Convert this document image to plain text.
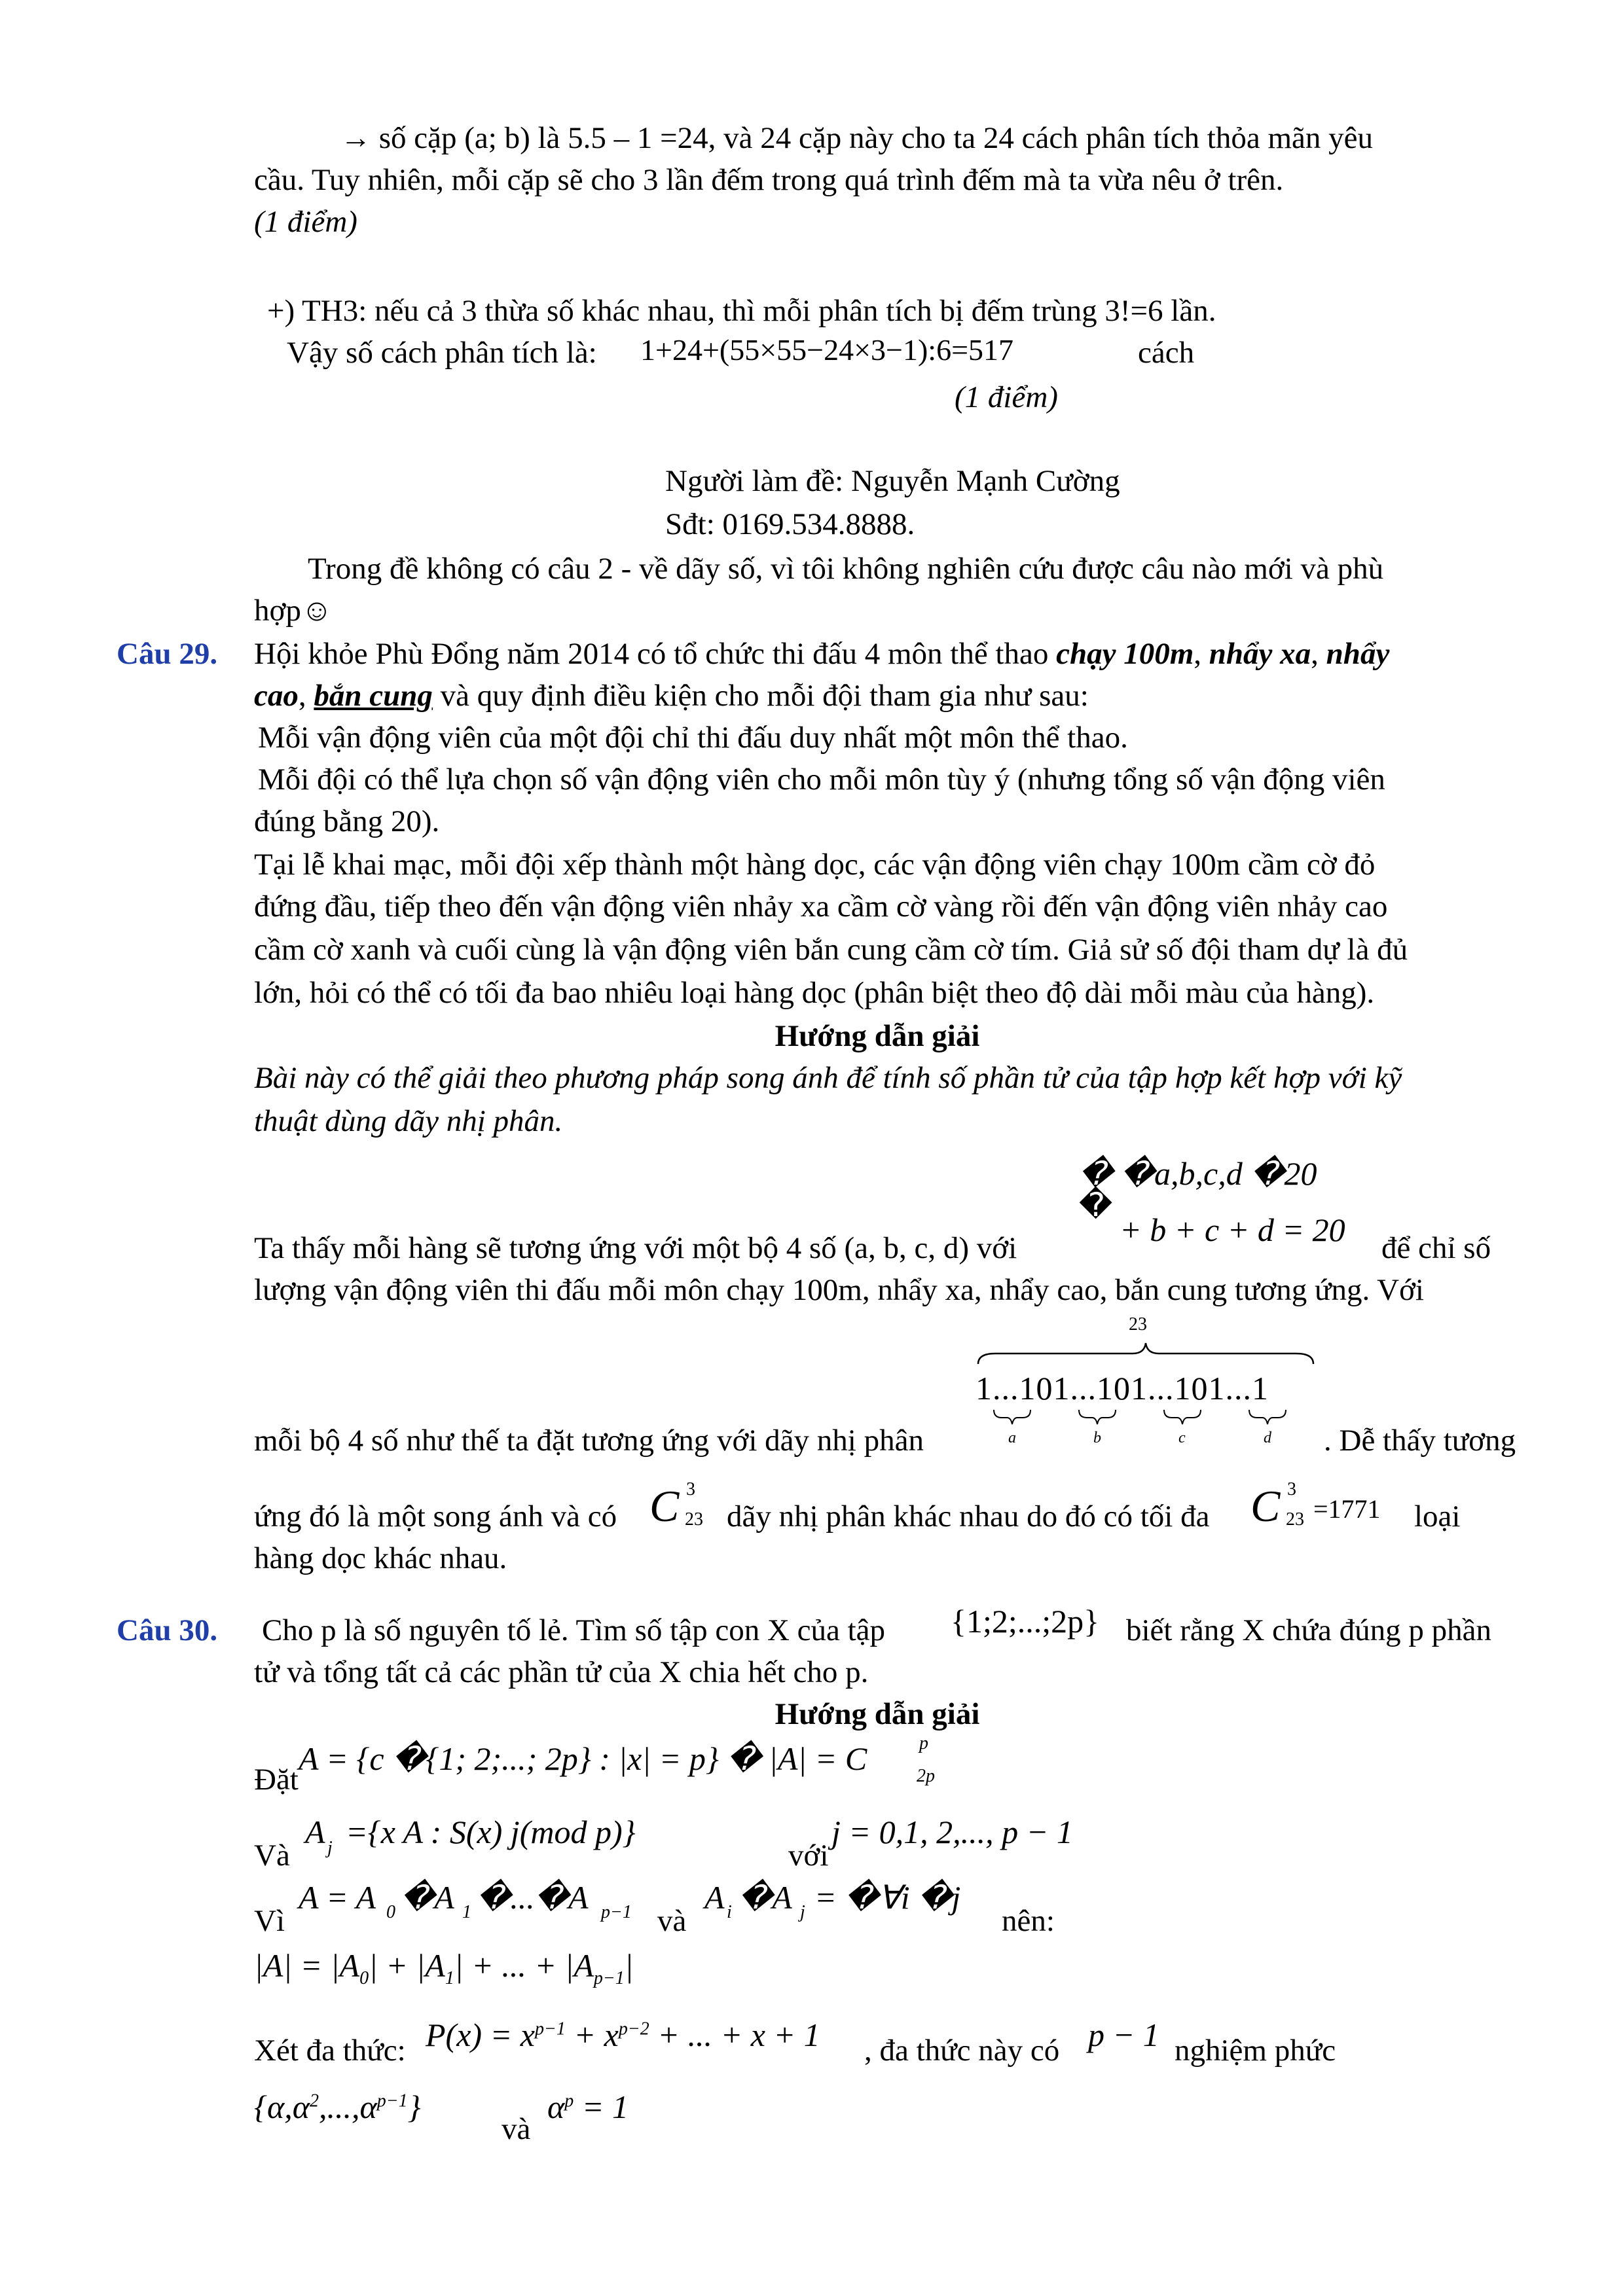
→ số cặp (a; b) là 5.5 – 1 =24, và 24 cặp này cho ta 24 cách phân tích thỏa mãn yêu
cầu. Tuy nhiên, mỗi cặp sẽ cho 3 lần đếm trong quá trình đếm mà ta vừa nêu ở trên.
(1 điểm)
+) TH3: nếu cả 3 thừa số khác nhau, thì mỗi phân tích bị đếm trùng 3!=6 lần.
Vậy số cách phân tích là: 1+24+(55×55−24×3−1):6=517	cách
(1 điểm)
Người làm đề: Nguyễn Mạnh Cường
Sđt: 0169.534.8888.
Trong đề không có câu 2 - về dãy số, vì tôi không nghiên cứu được câu nào mới và phù
hợp☺
Câu 29. Hội khỏe Phù Đổng năm 2014 có tổ chức thi đấu 4 môn thể thao chạy 100m, nhẩy xa, nhẩy
cao, bắn cung và quy định điều kiện cho mỗi đội tham gia như sau:
Mỗi vận động viên của một đội chỉ thi đấu duy nhất một môn thể thao.
Mỗi đội có thể lựa chọn số vận động viên cho mỗi môn tùy ý (nhưng tổng số vận động viên
đúng bằng 20).
Tại lễ khai mạc, mỗi đội xếp thành một hàng dọc, các vận động viên chạy 100m cầm cờ đỏ
đứng đầu, tiếp theo đến vận động viên nhảy xa cầm cờ vàng rồi đến vận động viên nhảy cao
cầm cờ xanh và cuối cùng là vận động viên bắn cung cầm cờ tím. Giả sử số đội tham dự là đủ
lớn, hỏi có thể có tối đa bao nhiêu loại hàng dọc (phân biệt theo độ dài mỗi màu của hàng).
Hướng dẫn giải
Bài này có thể giải theo phương pháp song ánh để tính số phần tử của tập hợp kết hợp với kỹ
thuật dùng dãy nhị phân.
� �a,b,c,d �20
�
+ b + c + d = 20
Ta thấy mỗi hàng sẽ tương ứng với một bộ 4 số (a, b, c, d) với	để chỉ số
lượng vận động viên thi đấu mỗi môn chạy 100m, nhẩy xa, nhẩy cao, bắn cung tương ứng. Với
23
1...101...101...101...1
a	b	c	d
mỗi bộ 4 số như thế ta đặt tương ứng với dãy nhị phân	. Dễ thấy tương
ứng đó là một song ánh và có C 3
23 dãy nhị phân khác nhau do đó có tối đa C 3
23 =1771 loại
hàng dọc khác nhau.
Câu 30. Cho p là số nguyên tố lẻ. Tìm số tập con X của tập {1;2;...;2p} biết rằng X chứa đúng p phần
tử và tổng tất cả các phần tử của X chia hết cho p.
Hướng dẫn giải
Đặt
A = {c �{1; 2;...; 2p} : |x| = p} � |A| = C	p
2p
Và
A j ={x A : S(x) j(mod p)}
với
j = 0,1, 2,..., p − 1
Vì
A = A 0 �A 1 �...�A p−1 và
A i �A j = �∀i �j
nên:
$|A| = |A_0| + |A_1|$ + ... + $|A_{p-1}|$
Xét đa thức: $P(x) = x^{p-1} + x^{p-2}$ + ... + x + 1 , đa thức này có p − 1 nghiệm phức
$\{\alpha,\alpha^2,...,\alpha^{p-1}\}$
và
$\alpha^p = 1$
